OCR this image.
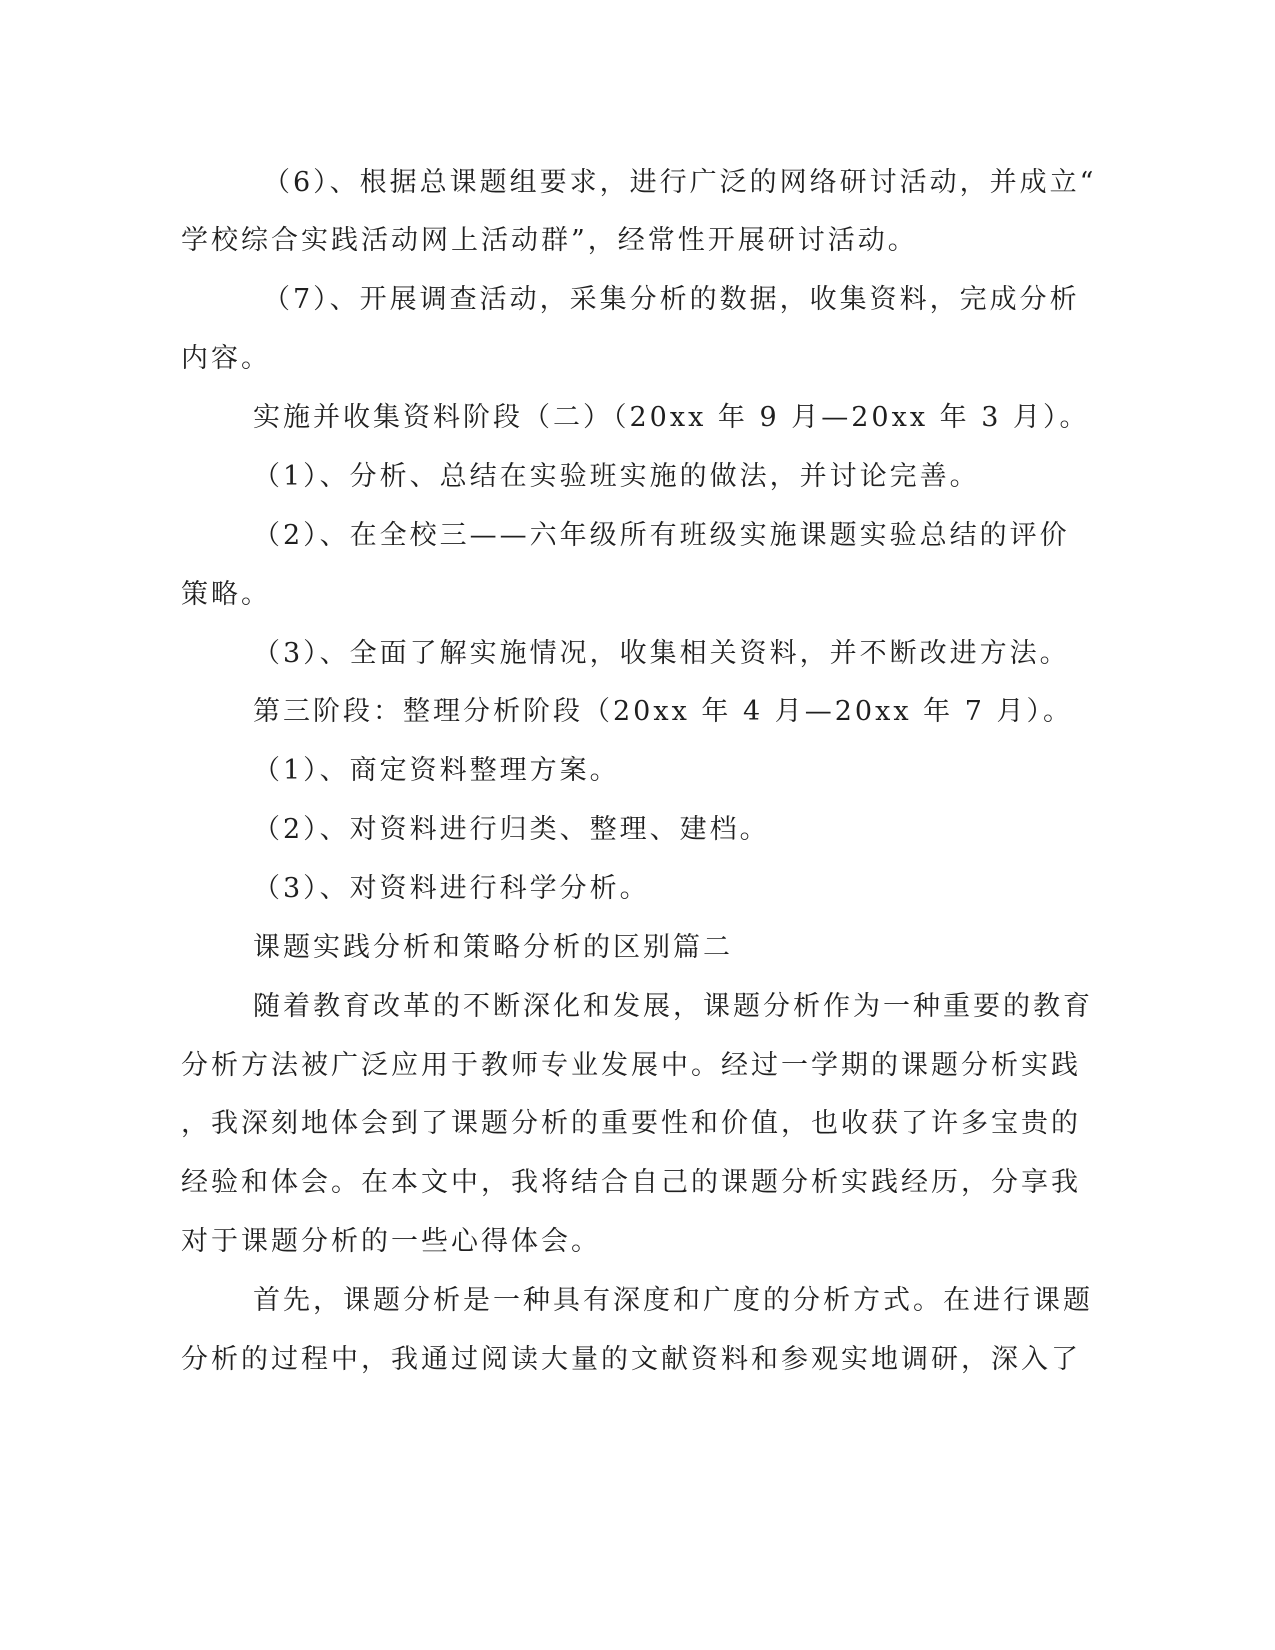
（6）、根据总课题组要求，进行广泛的网络研讨活动，并成立“
学校综合实践活动网上活动群”，经常性开展研讨活动。
（7）、开展调查活动，采集分析的数据，收集资料，完成分析
内容。
实施并收集资料阶段（二）（20xx 年 9 月—20xx 年 3 月）。
（1）、分析、总结在实验班实施的做法，并讨论完善。
（2）、在全校三——六年级所有班级实施课题实验总结的评价
策略。
（3）、全面了解实施情况，收集相关资料，并不断改进方法。
第三阶段：整理分析阶段（20xx 年 4 月—20xx 年 7 月）。
（1）、商定资料整理方案。
（2）、对资料进行归类、整理、建档。
（3）、对资料进行科学分析。
课题实践分析和策略分析的区别篇二
随着教育改革的不断深化和发展，课题分析作为一种重要的教育
分析方法被广泛应用于教师专业发展中。经过一学期的课题分析实践
，我深刻地体会到了课题分析的重要性和价值，也收获了许多宝贵的
经验和体会。在本文中，我将结合自己的课题分析实践经历，分享我
对于课题分析的一些心得体会。
首先，课题分析是一种具有深度和广度的分析方式。在进行课题
分析的过程中，我通过阅读大量的文献资料和参观实地调研，深入了
